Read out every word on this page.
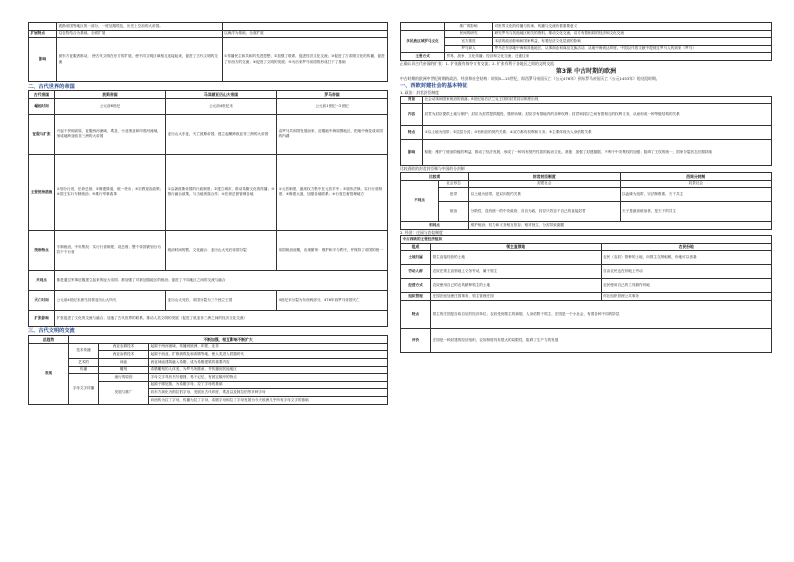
	波斯帝国等地区的一部分，一度征服埃及，历史上空前的大帝国。	
扩展特点	以农牧结合为基础，全面扩展	以海洋为基础，全面扩展
影响	被东方征服者推动， 使古代文明在东方的扩展，使不同文明区域相互连接起来，促进了古代文明的交流	①传播民主和共和的先进思想；②加强了联系，促进经济文化交流；③促进了古希腊文化的传播，促进了东西方的交流；④促进了文明的发展；⑤为后来罗马帝国的形成打下了基础
二、古代世界的帝国
古代帝国	波斯帝国	马其顿亚历山大帝国	罗马帝国
崛起时间	公元前6世纪	公元前4世纪末	公元前1世纪～2世纪
征服与扩张	兴起于伊朗高原，征服两河流域、埃及、小亚细亚和印度河流域，形成地跨亚欧非三洲的大帝国	亚历山大东征，灭亡波斯帝国，建立起横跨欧亚非三洲的大帝国	由罗马共和国发展而来，征服地中海周围地区，把地中海变成帝国的内湖
主要统治措施	①划分行省，任命总督；②修建驿道，统一货币；③宗教宽容政策；④国王实行专制统治；⑤推行军事改革	①沿袭波斯帝国的行政制度；②建立城市，推动希腊文化的传播；③推行融合政策，与当地贵族合作；④任命总督管理各地	①元首制度，最高权力集中在元首手中；②颁布法律，实行行省制度；③修建大道，加强各地联系；④行省总督管理地方
统治特点	专制统治，中央集权：实行行省制度，设总督；整个帝国被划分为若干个行省	统治时间短暂，文化融合：亚历山大死后帝国分裂	帝国统治前期，出现繁荣：维护和平与秩序，并保持了帝国的统一
共同点	都是通过军事征服建立起来的庞大帝国；都加强了对被征服地区的统治；促进了不同地区之间的交流与融合		
灭亡时间	公元前4世纪末被马其顿亚历山大所灭	亚历山大死后，帝国分裂为三个独立王国	4世纪末分裂为东西两部分，476年西罗马帝国灭亡
扩张影响	扩张促进了文化的交流与融合；加速了古代世界的联系，推动人类文明的发展（促进了欧亚非三洲之间的经济文化交流）		
三、古代文明的交流
总趋势	不断加强，相互影响不断扩大		
表现	技术传播	西亚农耕技术	起源于两河流域，传播到欧洲、印度、北非
		西亚冶铁技术	起源于西亚，扩散到埃及和希腊等地，使人类进入铁器时代
	艺术的	神庙	西亚神庙建筑融入希腊，成为希腊建筑的重要内容
	传播	雕刻	希腊雕刻的人体美，为罗马所继承，并传播到其他地区
	字母文字传播	流行的原因	字母文字具有书写便捷、易于记忆、有固定顺序的特点
		发展与推广	起源于腓尼基，为希腊字母、拉丁字母的基础
			向东方演化为阿拉伯字母，发展出古代印度、埃及以及阿拉伯等多种字母
			向西传为拉丁字母，传播为拉丁字母，希腊字母和拉丁字母发展为今天欧洲几乎所有字母文字的基础
	推广的影响	对世界文化的传播与传承，传播与交流有着重要意义
多民族区域罗马文化	民间的研究	研究罗马与其他地区相关的资料，推动文化交流，双方有着相同的经济和文化交流
	官方推进	本质的政治影响和国家利益，有着经济文化层面的影响
	罗马商人	罗马在东部地中海和其他地区，从事商业和商品交换活动，从地中海到达印度。中国汉代的文献中提到过罗马人的到来（罗马）
主要方式	贸易、战争、文化传播；经济和文化交流；迁徙往来	

正确认识古代帝国的扩张：1. 扩张既有掠夺又有交流；2. 扩张有利于各地区之间的文明交流

第3课 中古时期的欧洲

中古时期的欧洲中世纪时期的政治、经济和社会结构：时间5—15世纪，即西罗马帝国灭亡（公元476年）到东罗马帝国灭亡（公元1453年）的这段时期。

一、西欧封建社会的基本特征

1. 政治：封君封臣制度

背景	社会动荡和国家统治的衰落；8世纪前后法兰克王国的封君封臣制度出现
内容	封君为封臣提供土地与保护；封臣为封君提供服役、缴纳贡赋；封臣享有领地内的各种权利；封君和封臣之间有着相互的权利义务，从而形成一种等级结构的关系
特点	①以土地为纽带；②层层分封；③有相应的契约关系；④双方都有权利和义务；⑤主要体现为人身依附关系
影响	积极：维护了统治阶级的利益，推动了经济发展；形成了一种具有契约性质的政治文化。消极：加强了封建割据，不利于中央集权的加强；阻碍了王权的统一，国家分裂状态长期持续

比较西欧的封君封臣制与中国的分封制

比较项		封君封臣制度	西周分封制
不同点	社会形态	封建社会	奴隶社会
	纽带	以土地为纽带，是双向契约关系	以血缘为纽带，宗法制维系，天下共主
	统治	分散性，没有统一的中央政府，各自为政，封臣只效忠于自己的直接封君	天子是最高统治者，是天下的共主
相同点		维护统治；权力和义务相互依存；相对独立，分封导致割据	

2. 经济：庄园与农奴制度

中古西欧的主要经济组织		
组成	领主直领地	农民份地
土地归属	领主直接经营的土地	农民（农奴）领种的土地，向领主交纳租税，份地可以世袭
劳动人群	农奴在领主直领地上义务劳动，属于领主	自由农民也在份地上劳动
经营方式	农奴使用自己的农具耕种领主的土地	农民使用自己的工具耕作份地
组织管理	庄园法庭处理庄园事务，领主管理庄园	村社组织管理公共事务
特点	领主的庄园是自给自足的经济单位；农奴受到领主的剥削，人身依附于领主；庄园是一个小社会，有着各种不同的阶层	
评价	庄园是一种封建的经济组织，农奴制度具有很大的局限性，阻碍了生产力的发展	
